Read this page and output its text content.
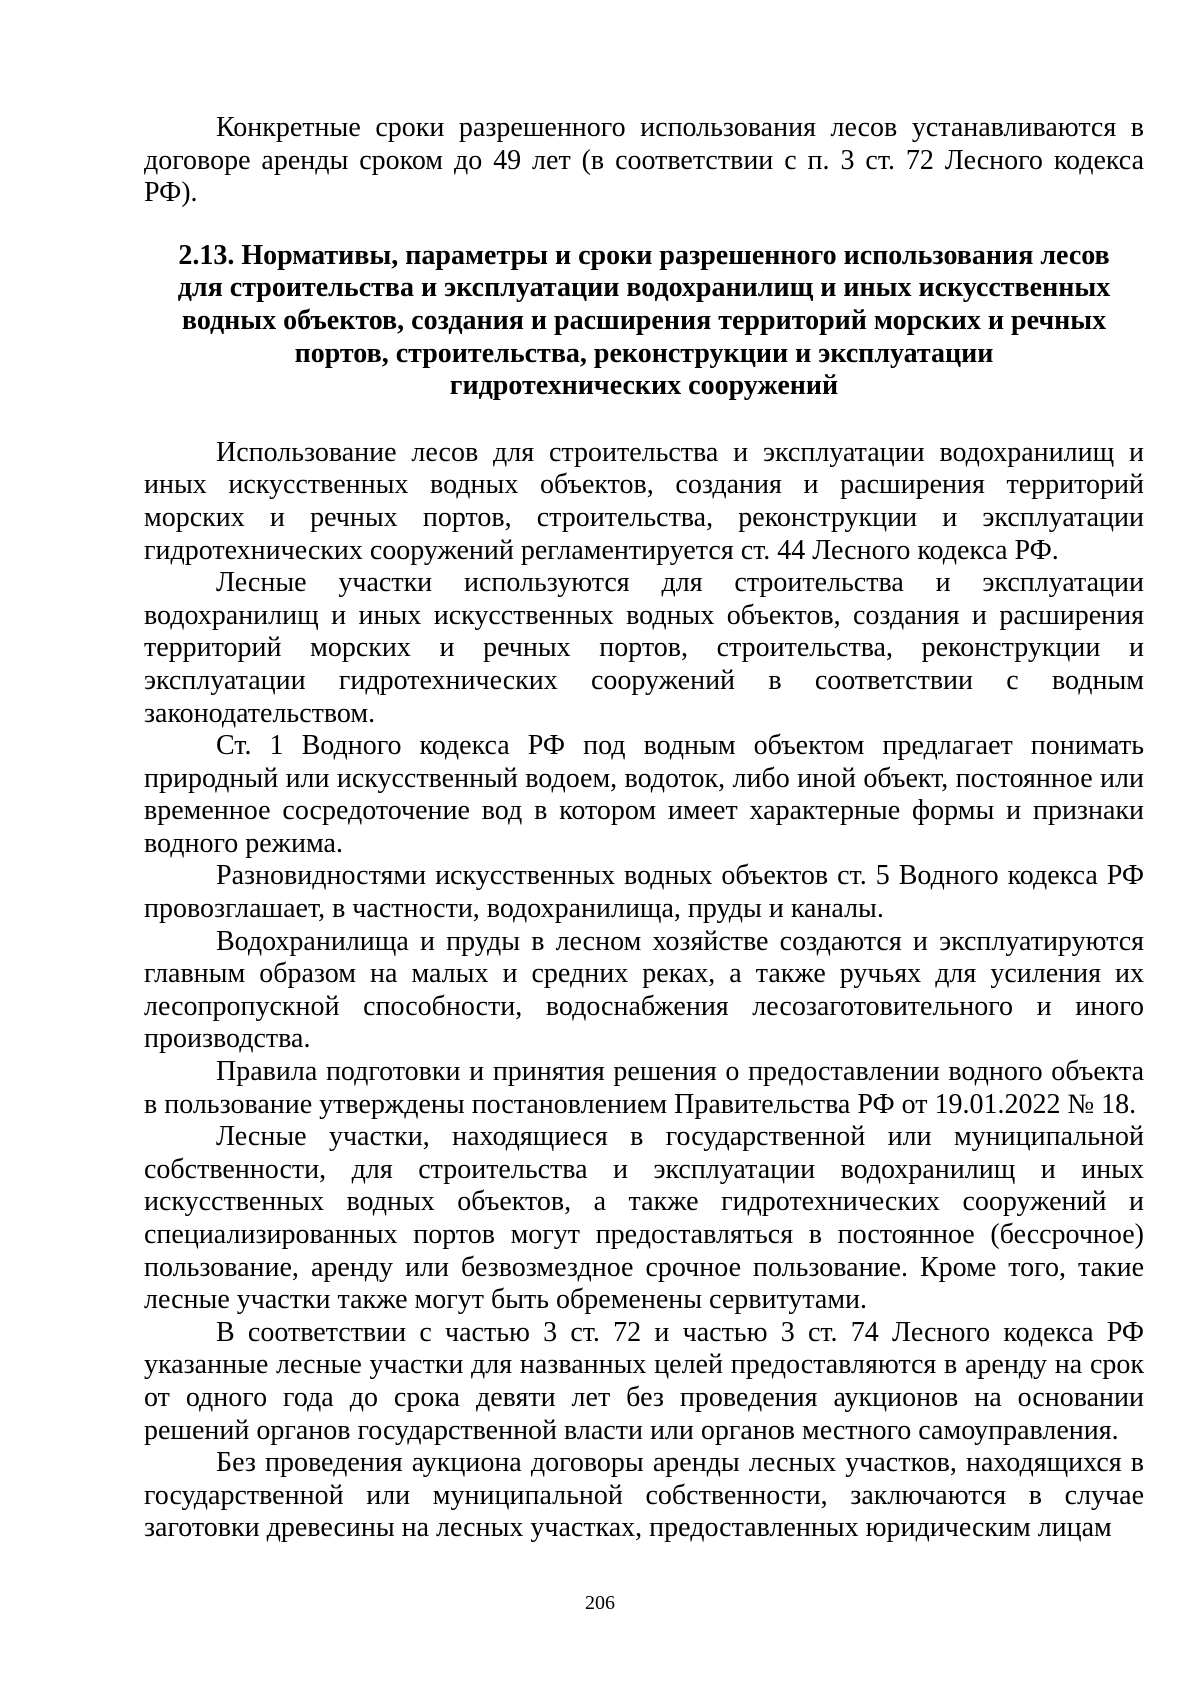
Конкретные сроки разрешенного использования лесов устанавливаются в договоре аренды сроком до 49 лет (в соответствии с п. 3 ст. 72 Лесного кодекса РФ).

2.13. Нормативы, параметры и сроки разрешенного использования лесов
для строительства и эксплуатации водохранилищ и иных искусственных
водных объектов, создания и расширения территорий морских и речных
портов, строительства, реконструкции и эксплуатации
гидротехнических сооружений

Использование лесов для строительства и эксплуатации водохранилищ и иных искусственных водных объектов, создания и расширения территорий морских и речных портов, строительства, реконструкции и эксплуатации гидротехнических сооружений регламентируется ст. 44 Лесного кодекса РФ.

Лесные участки используются для строительства и эксплуатации водохранилищ и иных искусственных водных объектов, создания и расширения территорий морских и речных портов, строительства, реконструкции и эксплуатации гидротехнических сооружений в соответствии с водным законодательством.

Ст. 1 Водного кодекса РФ под водным объектом предлагает понимать природный или искусственный водоем, водоток, либо иной объект, постоянное или временное сосредоточение вод в котором имеет характерные формы и признаки водного режима.

Разновидностями искусственных водных объектов ст. 5 Водного кодекса РФ провозглашает, в частности, водохранилища, пруды и каналы.

Водохранилища и пруды в лесном хозяйстве создаются и эксплуатируются главным образом на малых и средних реках, а также ручьях для усиления их лесопропускной способности, водоснабжения лесозаготовительного и иного производства.

Правила подготовки и принятия решения о предоставлении водного объекта в пользование утверждены постановлением Правительства РФ от 19.01.2022 № 18.

Лесные участки, находящиеся в государственной или муниципальной собственности, для строительства и эксплуатации водохранилищ и иных искусственных водных объектов, а также гидротехнических сооружений и специализированных портов могут предоставляться в постоянное (бессрочное) пользование, аренду или безвозмездное срочное пользование. Кроме того, такие лесные участки также могут быть обременены сервитутами.

В соответствии с частью 3 ст. 72 и частью 3 ст. 74 Лесного кодекса РФ указанные лесные участки для названных целей предоставляются в аренду на срок от одного года до срока девяти лет без проведения аукционов на основании решений органов государственной власти или органов местного самоуправления.

Без проведения аукциона договоры аренды лесных участков, находящихся в государственной или муниципальной собственности, заключаются в случае заготовки древесины на лесных участках, предоставленных юридическим лицам

206
